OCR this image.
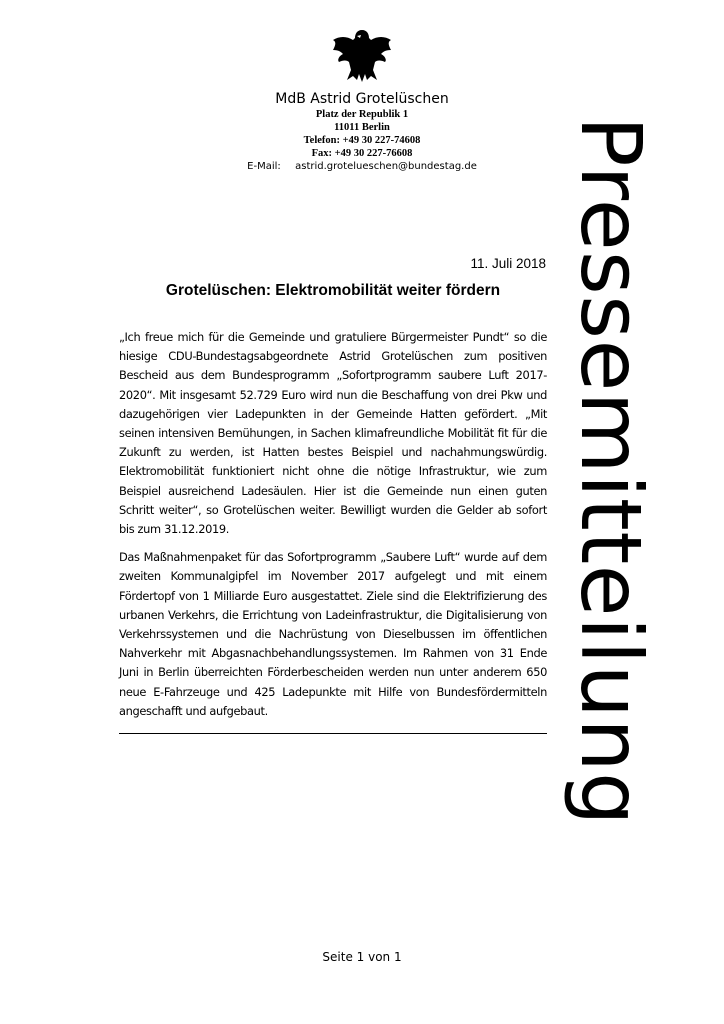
MdB Astrid Grotelüschen
Platz der Republik 1
11011 Berlin
Telefon: +49 30 227-74608
Fax: +49 30 227-76608
E-Mail: astrid.grotelueschen@bundestag.de	Pressemitteilung
11. Juli 2018
Grotelüschen: Elektromobilität weiter fördern

„Ich freue mich für die Gemeinde und gratuliere Bürgermeister Pundt“ so die hiesige CDU-Bundestagsabgeordnete Astrid Grotelüschen zum positiven Bescheid aus dem Bundesprogramm „Sofortprogramm saubere Luft 2017-2020“. Mit insgesamt 52.729 Euro wird nun die Beschaffung von drei Pkw und dazugehörigen vier Ladepunkten in der Gemeinde Hatten gefördert. „Mit seinen intensiven Bemühungen, in Sachen klimafreundliche Mobilität fit für die Zukunft zu werden, ist Hatten bestes Beispiel und nachahmungswürdig. Elektromobilität funktioniert nicht ohne die nötige Infrastruktur, wie zum Beispiel ausreichend Ladesäulen. Hier ist die Gemeinde nun einen guten Schritt weiter“, so Grotelüschen weiter. Bewilligt wurden die Gelder ab sofort bis zum 31.12.2019.

Das Maßnahmenpaket für das Sofortprogramm „Saubere Luft“ wurde auf dem zweiten Kommunalgipfel im November 2017 aufgelegt und mit einem Fördertopf von 1 Milliarde Euro ausgestattet. Ziele sind die Elektrifizierung des urbanen Verkehrs, die Errichtung von Ladeinfrastruktur, die Digitalisierung von Verkehrssystemen und die Nachrüstung von Dieselbussen im öffentlichen Nahverkehr mit Abgasnachbehandlungssystemen. Im Rahmen von 31 Ende Juni in Berlin überreichten Förderbescheiden werden nun unter anderem 650 neue E-Fahrzeuge und 425 Ladepunkte mit Hilfe von Bundesfördermitteln angeschafft und aufgebaut.

Seite 1 von 1
